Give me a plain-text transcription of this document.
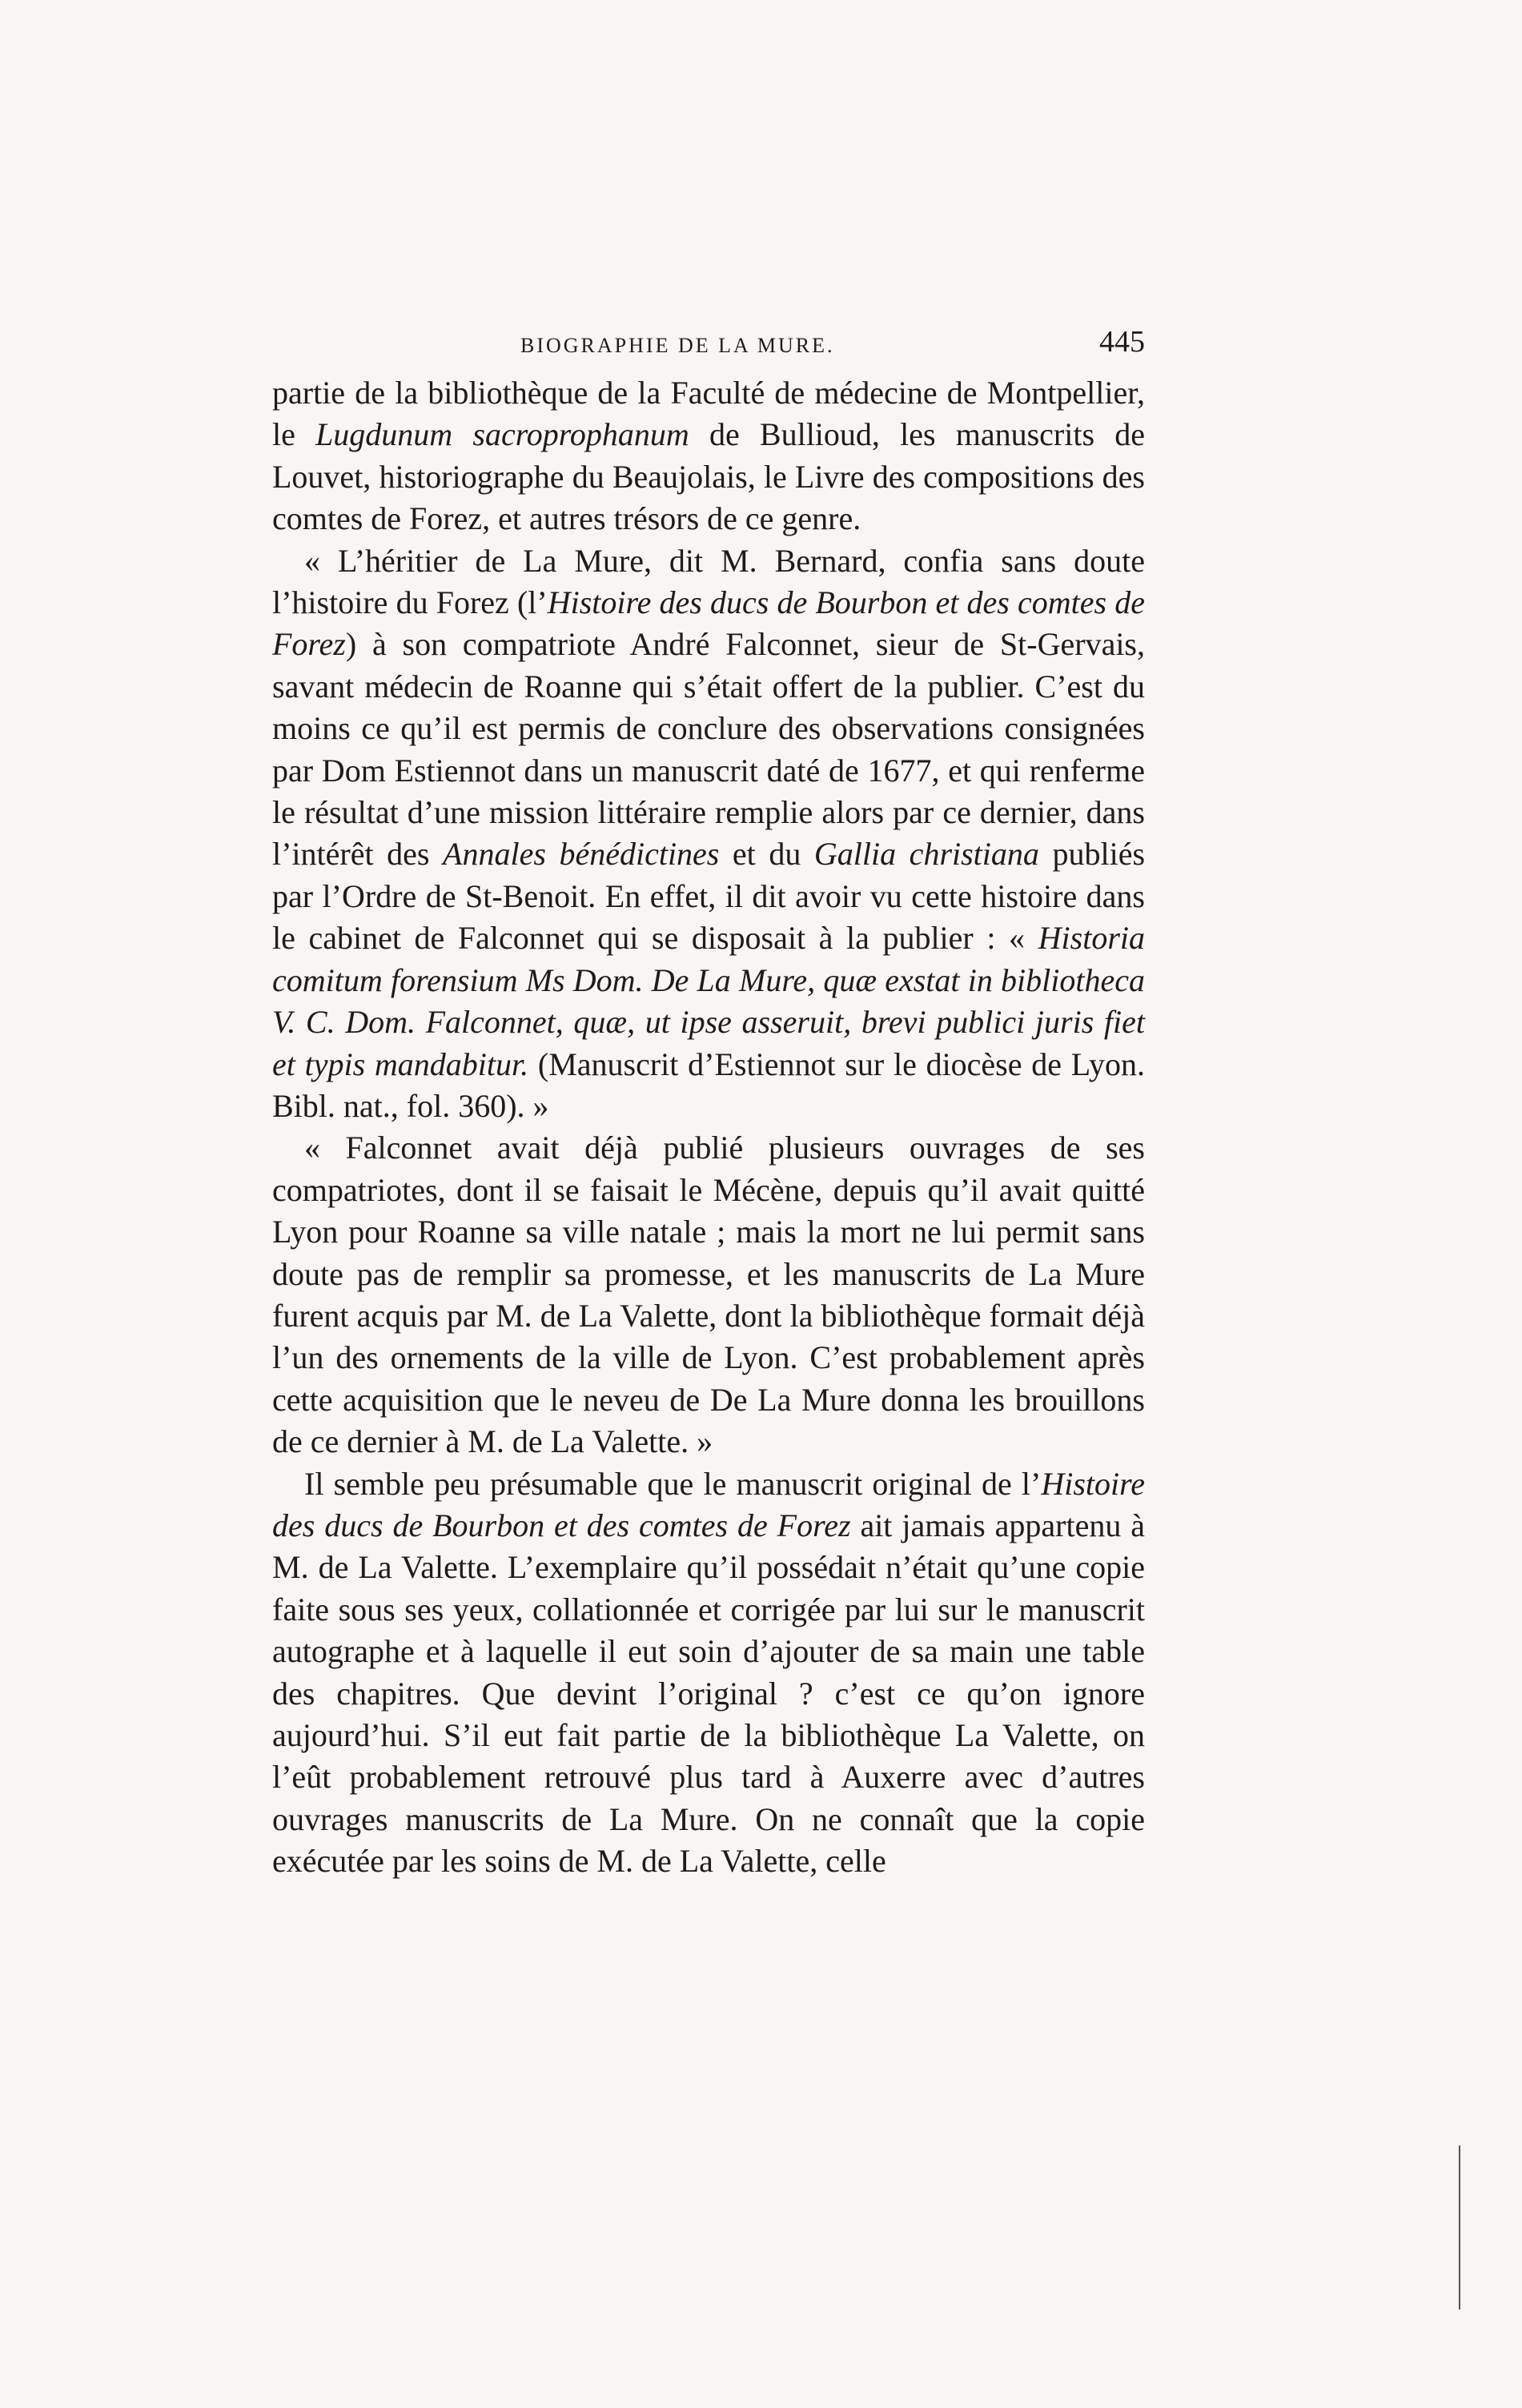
BIOGRAPHIE DE LA MURE.	445

partie de la bibliothèque de la Faculté de médecine de Montpellier, le Lugdunum sacroprophanum de Bullioud, les manuscrits de Louvet, historiographe du Beaujolais, le Livre des compositions des comtes de Forez, et autres trésors de ce genre.

« L’héritier de La Mure, dit M. Bernard, confia sans doute l’histoire du Forez (l’Histoire des ducs de Bourbon et des comtes de Forez) à son compatriote André Falconnet, sieur de St-Gervais, savant médecin de Roanne qui s’était offert de la publier. C’est du moins ce qu’il est permis de conclure des observations consignées par Dom Estiennot dans un manuscrit daté de 1677, et qui renferme le résultat d’une mission littéraire remplie alors par ce dernier, dans l’intérêt des Annales bénédictines et du Gallia christiana publiés par l’Ordre de St-Benoit. En effet, il dit avoir vu cette histoire dans le cabinet de Falconnet qui se disposait à la publier : « Historia comitum forensium Ms Dom. De La Mure, quæ exstat in bibliotheca V. C. Dom. Falconnet, quæ, ut ipse asseruit, brevi publici juris fiet et typis mandabitur. (Manuscrit d’Estiennot sur le diocèse de Lyon. Bibl. nat., fol. 360). »

« Falconnet avait déjà publié plusieurs ouvrages de ses compatriotes, dont il se faisait le Mécène, depuis qu’il avait quitté Lyon pour Roanne sa ville natale ; mais la mort ne lui permit sans doute pas de remplir sa promesse, et les manuscrits de La Mure furent acquis par M. de La Valette, dont la bibliothèque formait déjà l’un des ornements de la ville de Lyon. C’est probablement après cette acquisition que le neveu de De La Mure donna les brouillons de ce dernier à M. de La Valette. »

Il semble peu présumable que le manuscrit original de l’Histoire des ducs de Bourbon et des comtes de Forez ait jamais appartenu à M. de La Valette. L’exemplaire qu’il possédait n’était qu’une copie faite sous ses yeux, collationnée et corrigée par lui sur le manuscrit autographe et à laquelle il eut soin d’ajouter de sa main une table des chapitres. Que devint l’original ? c’est ce qu’on ignore aujourd’hui. S’il eut fait partie de la bibliothèque La Valette, on l’eût probablement retrouvé plus tard à Auxerre avec d’autres ouvrages manuscrits de La Mure. On ne connaît que la copie exécutée par les soins de M. de La Valette, celle
